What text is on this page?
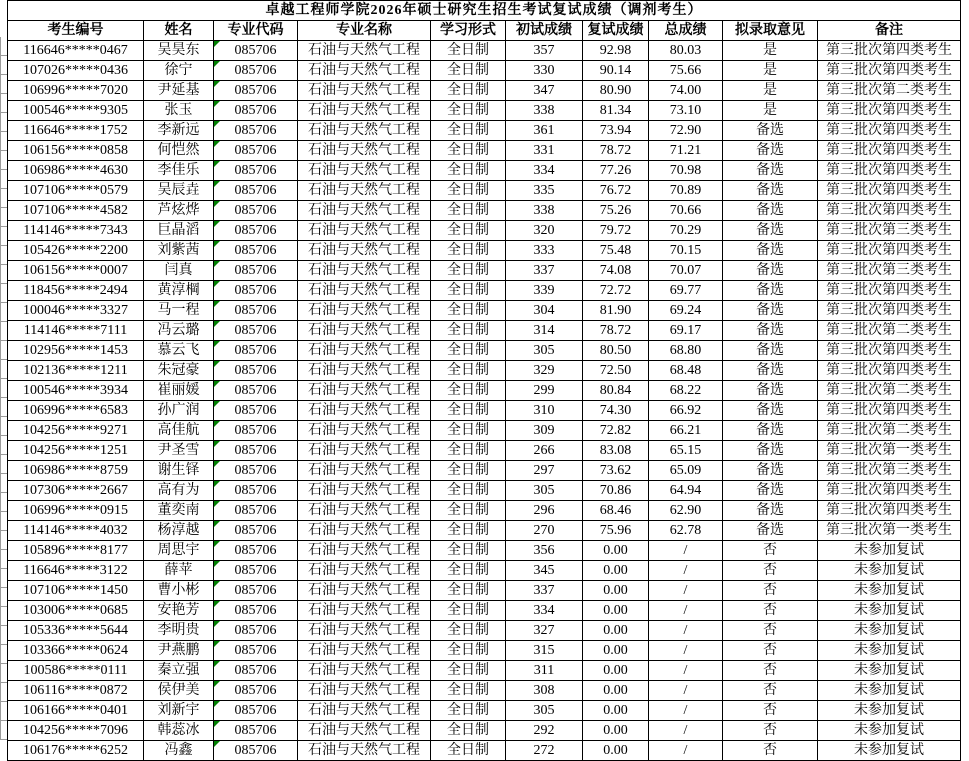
卓越工程师学院2026年硕士研究生招生考试复试成绩（调剂考生）									
考生编号	姓名	专业代码	专业名称	学习形式	初试成绩	复试成绩	总成绩	拟录取意见	备注
116646*****0467	吴昊东	085706	石油与天然气工程	全日制	357	92.98	80.03	是	第三批次第四类考生
107026*****0436	徐宁	085706	石油与天然气工程	全日制	330	90.14	75.66	是	第三批次第四类考生
106996*****7020	尹延基	085706	石油与天然气工程	全日制	347	80.90	74.00	是	第三批次第二类考生
100546*****9305	张玉	085706	石油与天然气工程	全日制	338	81.34	73.10	是	第三批次第四类考生
116646*****1752	李新远	085706	石油与天然气工程	全日制	361	73.94	72.90	备选	第三批次第四类考生
106156*****0858	何恺然	085706	石油与天然气工程	全日制	331	78.72	71.21	备选	第三批次第四类考生
106986*****4630	李佳乐	085706	石油与天然气工程	全日制	334	77.26	70.98	备选	第三批次第四类考生
107106*****0579	吴辰垚	085706	石油与天然气工程	全日制	335	76.72	70.89	备选	第三批次第四类考生
107106*****4582	芦炫烨	085706	石油与天然气工程	全日制	338	75.26	70.66	备选	第三批次第四类考生
114146*****7343	巨晶滔	085706	石油与天然气工程	全日制	320	79.72	70.29	备选	第三批次第三类考生
105426*****2200	刘紫茜	085706	石油与天然气工程	全日制	333	75.48	70.15	备选	第三批次第四类考生
106156*****0007	闫真	085706	石油与天然气工程	全日制	337	74.08	70.07	备选	第三批次第三类考生
118456*****2494	黄淳棡	085706	石油与天然气工程	全日制	339	72.72	69.77	备选	第三批次第四类考生
100046*****3327	马一程	085706	石油与天然气工程	全日制	304	81.90	69.24	备选	第三批次第四类考生
114146*****7111	冯云璐	085706	石油与天然气工程	全日制	314	78.72	69.17	备选	第三批次第二类考生
102956*****1453	慕云飞	085706	石油与天然气工程	全日制	305	80.50	68.80	备选	第三批次第四类考生
102136*****1211	朱冠豪	085706	石油与天然气工程	全日制	329	72.50	68.48	备选	第三批次第四类考生
100546*****3934	崔丽媛	085706	石油与天然气工程	全日制	299	80.84	68.22	备选	第三批次第二类考生
106996*****6583	孙广润	085706	石油与天然气工程	全日制	310	74.30	66.92	备选	第三批次第四类考生
104256*****9271	高佳航	085706	石油与天然气工程	全日制	309	72.82	66.21	备选	第三批次第二类考生
104256*****1251	尹圣雪	085706	石油与天然气工程	全日制	266	83.08	65.15	备选	第三批次第一类考生
106986*****8759	谢生铎	085706	石油与天然气工程	全日制	297	73.62	65.09	备选	第三批次第三类考生
107306*****2667	高有为	085706	石油与天然气工程	全日制	305	70.86	64.94	备选	第三批次第四类考生
106996*****0915	董奕南	085706	石油与天然气工程	全日制	296	68.46	62.90	备选	第三批次第四类考生
114146*****4032	杨淳越	085706	石油与天然气工程	全日制	270	75.96	62.78	备选	第三批次第一类考生
105896*****8177	周思宇	085706	石油与天然气工程	全日制	356	0.00	/	否	未参加复试
116646*****3122	薛苹	085706	石油与天然气工程	全日制	345	0.00	/	否	未参加复试
107106*****1450	曹小彬	085706	石油与天然气工程	全日制	337	0.00	/	否	未参加复试
103006*****0685	安艳芳	085706	石油与天然气工程	全日制	334	0.00	/	否	未参加复试
105336*****5644	李明贵	085706	石油与天然气工程	全日制	327	0.00	/	否	未参加复试
103366*****0624	尹燕鹏	085706	石油与天然气工程	全日制	315	0.00	/	否	未参加复试
100586*****0111	秦立强	085706	石油与天然气工程	全日制	311	0.00	/	否	未参加复试
106116*****0872	侯伊美	085706	石油与天然气工程	全日制	308	0.00	/	否	未参加复试
106166*****0401	刘新宇	085706	石油与天然气工程	全日制	305	0.00	/	否	未参加复试
104256*****7096	韩蕊冰	085706	石油与天然气工程	全日制	292	0.00	/	否	未参加复试
106176*****6252	冯鑫	085706	石油与天然气工程	全日制	272	0.00	/	否	未参加复试
